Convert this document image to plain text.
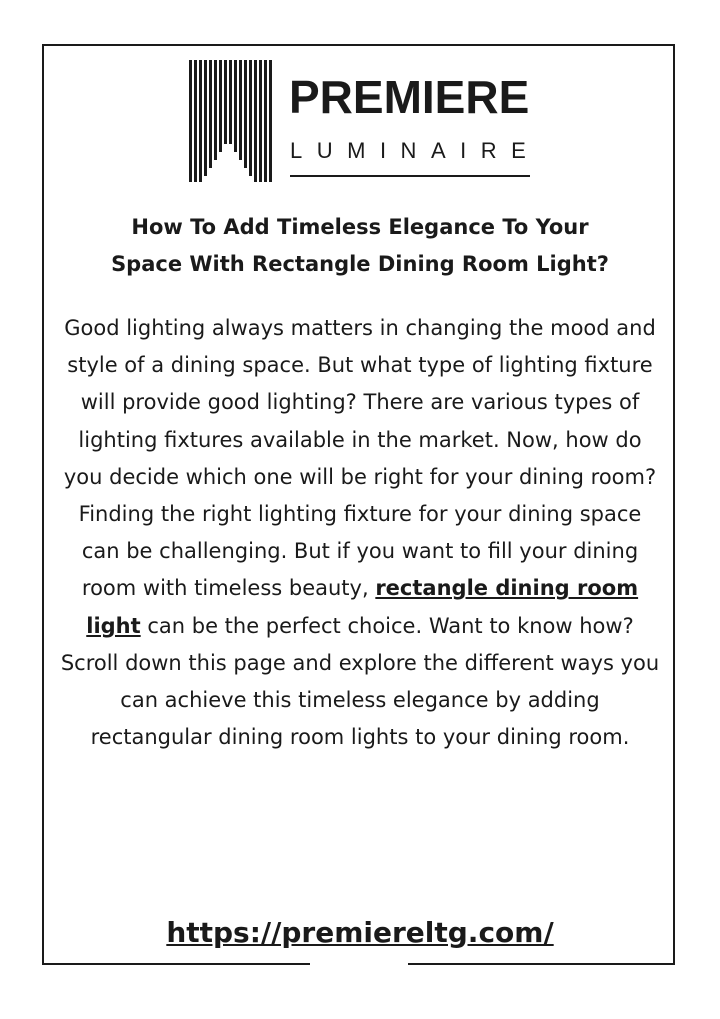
PREMIERE
LUMINAIRE
How To Add Timeless Elegance To Your
Space With Rectangle Dining Room Light?

Good lighting always matters in changing the mood and style of a dining space. But what type of lighting fixture will provide good lighting? There are various types of lighting fixtures available in the market. Now, how do you decide which one will be right for your dining room? Finding the right lighting fixture for your dining space can be challenging. But if you want to fill your dining room with timeless beauty, rectangle dining room light can be the perfect choice. Want to know how? Scroll down this page and explore the different ways you can achieve this timeless elegance by adding rectangular dining room lights to your dining room.

https://premiereltg.com/
